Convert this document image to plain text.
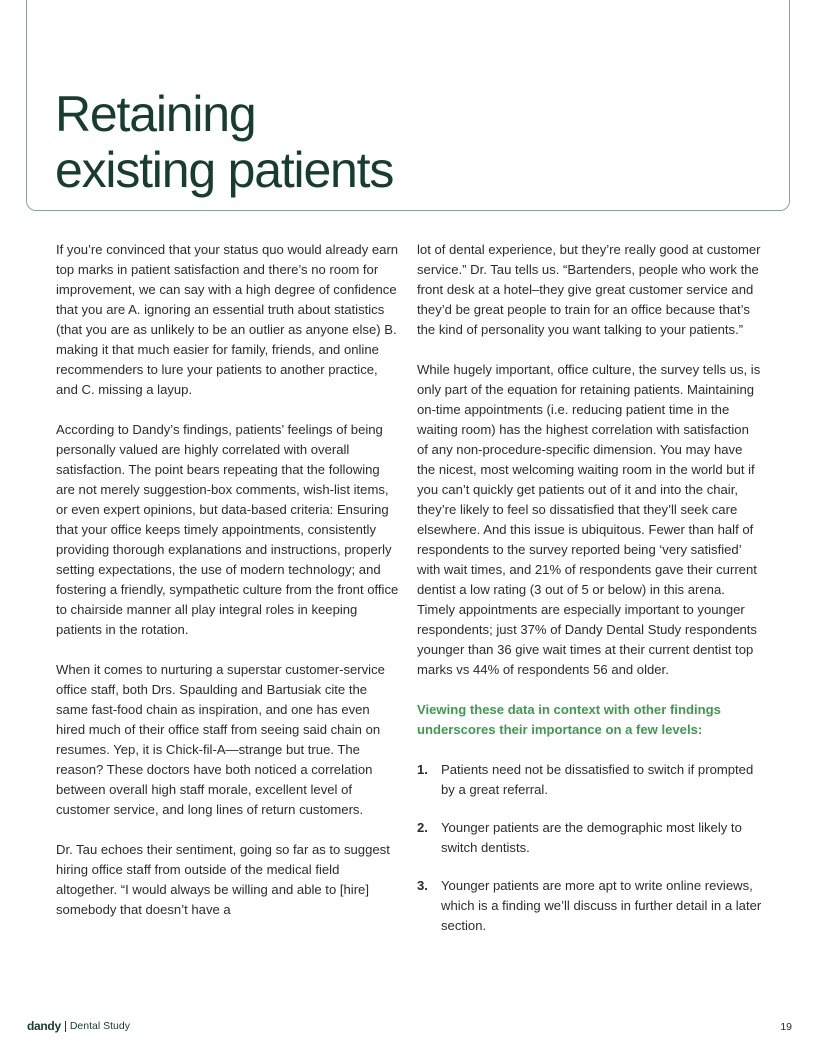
Retaining
existing patients

If you’re convinced that your status quo would already earn top marks in patient satisfaction and there’s no room for improvement, we can say with a high degree of confidence that you are A. ignoring an essential truth about statistics (that you are as unlikely to be an outlier as anyone else) B. making it that much easier for family, friends, and online recommenders to lure your patients to another practice, and C. missing a layup.

According to Dandy’s findings, patients’ feelings of being personally valued are highly correlated with overall satisfaction. The point bears repeating that the following are not merely suggestion-box comments, wish-list items, or even expert opinions, but data-based criteria: Ensuring that your office keeps timely appointments, consistently providing thorough explanations and instructions, properly setting expectations, the use of modern technology; and fostering a friendly, sympathetic culture from the front office to chairside manner all play integral roles in keeping patients in the rotation.

When it comes to nurturing a superstar customer-service office staff, both Drs. Spaulding and Bartusiak cite the same fast-food chain as inspiration, and one has even hired much of their office staff from seeing said chain on resumes. Yep, it is Chick-fil-A—strange but true. The reason? These doctors have both noticed a correlation between overall high staff morale, excellent level of customer service, and long lines of return customers.

Dr. Tau echoes their sentiment, going so far as to suggest hiring office staff from outside of the medical field altogether. “I would always be willing and able to [hire] somebody that doesn’t have a

lot of dental experience, but they’re really good at customer service.” Dr. Tau tells us. “Bartenders, people who work the front desk at a hotel–they give great customer service and they’d be great people to train for an office because that’s the kind of personality you want talking to your patients.”

While hugely important, office culture, the survey tells us, is only part of the equation for retaining patients. Maintaining on-time appointments (i.e. reducing patient time in the waiting room) has the highest correlation with satisfaction of any non-procedure-specific dimension. You may have the nicest, most welcoming waiting room in the world but if you can’t quickly get patients out of it and into the chair, they’re likely to feel so dissatisfied that they’ll seek care elsewhere. And this issue is ubiquitous. Fewer than half of respondents to the survey reported being ‘very satisfied’ with wait times, and 21% of respondents gave their current dentist a low rating (3 out of 5 or below) in this arena. Timely appointments are especially important to younger respondents; just 37% of Dandy Dental Study respondents younger than 36 give wait times at their current dentist top marks vs 44% of respondents 56 and older.

Viewing these data in context with other findings underscores their importance on a few levels:

1. Patients need not be dissatisfied to switch if prompted by a great referral.
2. Younger patients are the demographic most likely to switch dentists.
3. Younger patients are more apt to write online reviews, which is a finding we’ll discuss in further detail in a later section.
dandy Dental Study	19
